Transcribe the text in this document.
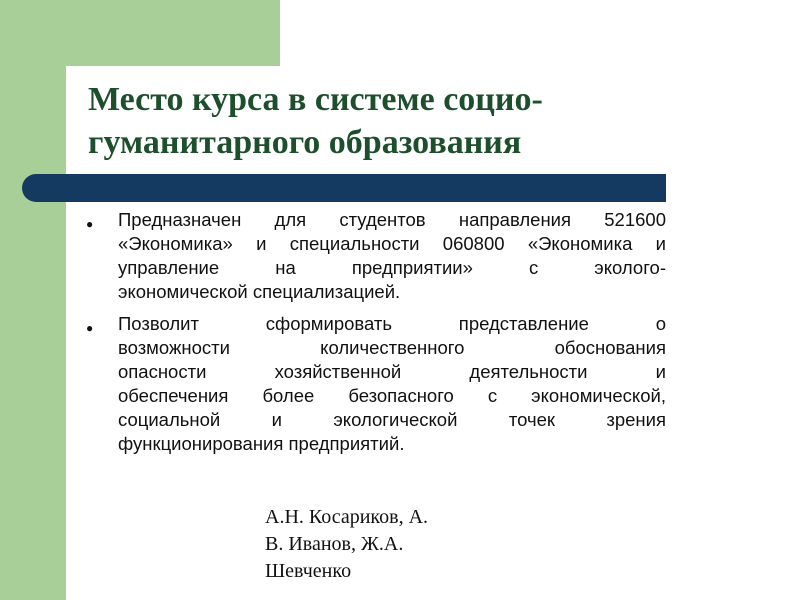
Место курса в системе социо-
гуманитарного образования
● Предназначен для студентов направления 521600
«Экономика» и специальности 060800 «Экономика и
управление на предприятии» с эколого-
экономической специализацией.
● Позволит сформировать представление о
возможности количественного обоснования
опасности хозяйственной деятельности и
обеспечения более безопасного с экономической,
социальной и экологической точек зрения
функционирования предприятий.
А.Н. Косариков, А.
В. Иванов, Ж.А.
Шевченко
